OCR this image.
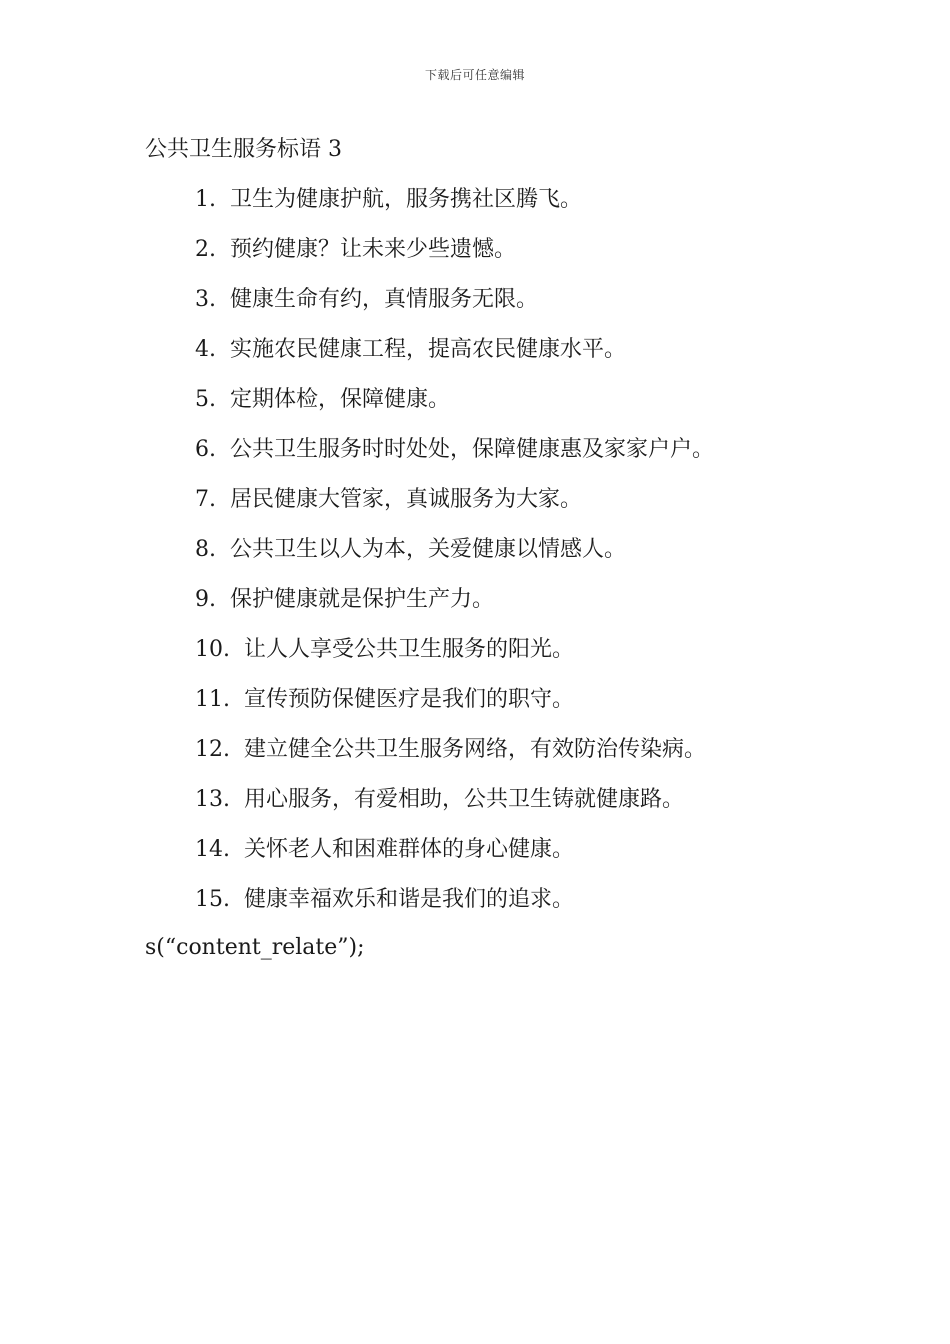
下载后可任意编辑
公共卫生服务标语 3
1. 卫生为健康护航，服务携社区腾飞。
2. 预约健康？让未来少些遗憾。
3. 健康生命有约，真情服务无限。
4. 实施农民健康工程，提高农民健康水平。
5. 定期体检，保障健康。
6. 公共卫生服务时时处处，保障健康惠及家家户户。
7. 居民健康大管家，真诚服务为大家。
8. 公共卫生以人为本，关爱健康以情感人。
9. 保护健康就是保护生产力。
10. 让人人享受公共卫生服务的阳光。
11. 宣传预防保健医疗是我们的职守。
12. 建立健全公共卫生服务网络，有效防治传染病。
13. 用心服务，有爱相助，公共卫生铸就健康路。
14. 关怀老人和困难群体的身心健康。
15. 健康幸福欢乐和谐是我们的追求。
s(“content_relate”);
